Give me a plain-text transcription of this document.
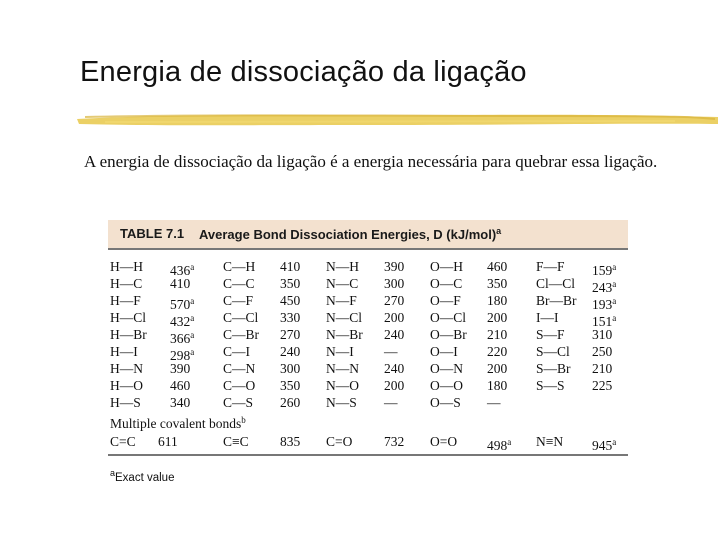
Energia de dissociação da ligação
A energia de dissociação da ligação é a energia necessária para quebrar essa ligação.
TABLE 7.1 Average Bond Dissociation Energies, D $(kJ/mol)^a$
H—H 436$^a$
H—C 410
H—F 570$^a$
H—Cl 432$^a$
H—Br 366$^a$
H—I 298$^a$
H—N 390
H—O 460
H—S 340
C—H 410
C—C 350
C—F 450
C—Cl 330
C—Br 270
C—I 240
C—N 300
C—O 350
C—S 260
N—H 390
N—C 300
N—F 270
N—Cl 200
N—Br 240
N—I —
N—N 240
N—O 200
N—S —
O—H 460
O—C 350
O—F 180
O—Cl 200
O—Br 210
O—I 220
O—N 200
O—O 180
O—S —
F—F 159$^a$
Cl—Cl 243$^a$
Br—Br 193$^a$
I—I 151$^a$
S—F 310
S—Cl 250
S—Br 210
S—S 225
C=C 611	C≡C 835 C=O 732 O=O 498$^a$ N≡N 945$^a$
Multiple covalent bonds$^b$
$^a$Exact value
